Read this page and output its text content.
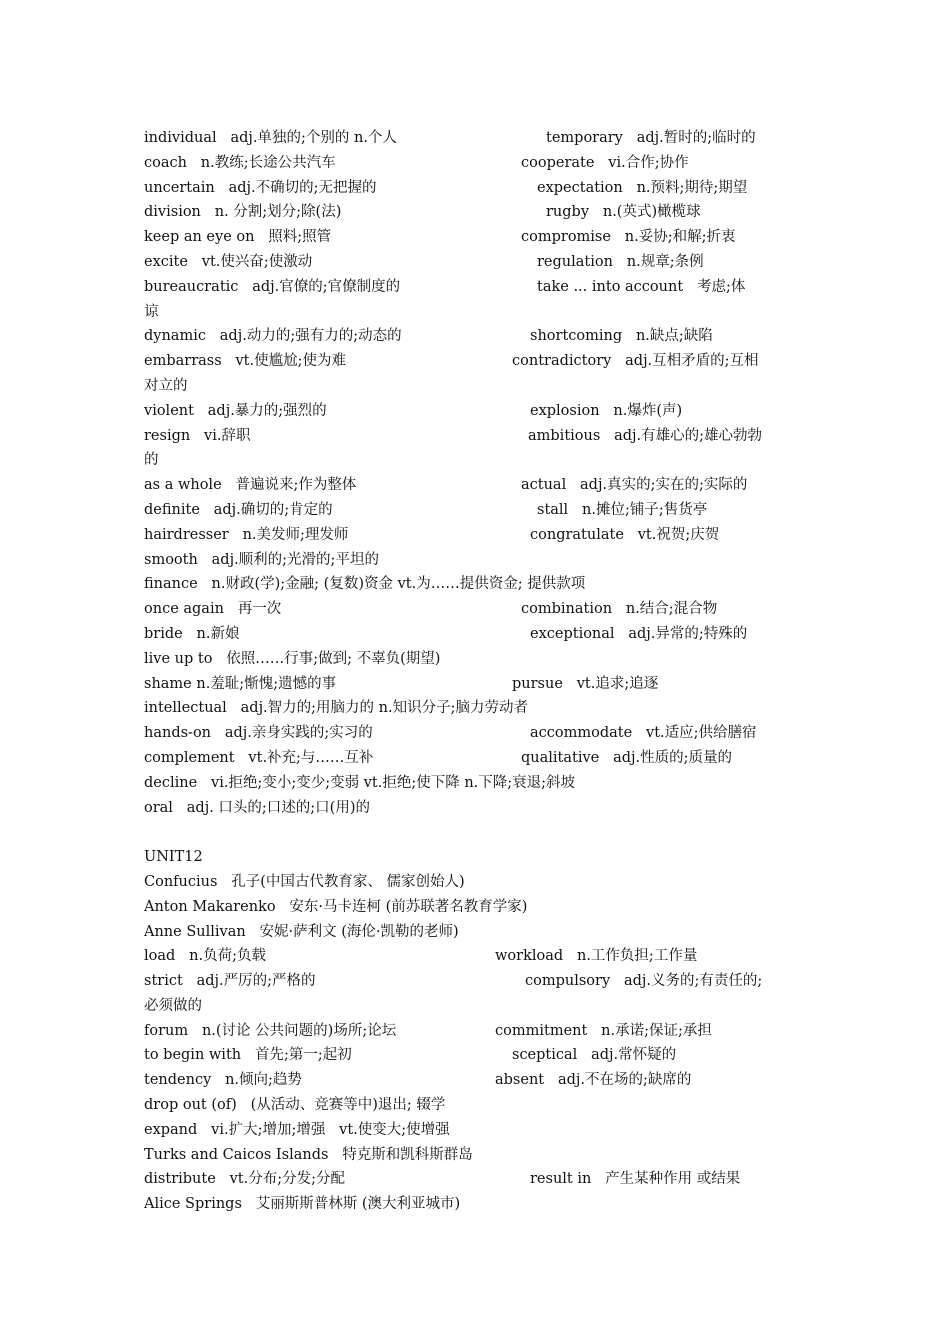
individual   adj.单独的;个别的 n.个人	temporary   adj.暂时的;临时的
coach   n.教练;长途公共汽车	cooperate   vi.合作;协作
uncertain   adj.不确切的;无把握的	expectation   n.预料;期待;期望
division   n. 分割;划分;除(法)	rugby   n.(英式)橄榄球
keep an eye on   照料;照管	compromise   n.妥协;和解;折衷
excite   vt.使兴奋;使激动	regulation   n.规章;条例
bureaucratic   adj.官僚的;官僚制度的	take ... into account   考虑;体
谅
dynamic   adj.动力的;强有力的;动态的	shortcoming   n.缺点;缺陷
embarrass   vt.使尴尬;使为难	contradictory   adj.互相矛盾的;互相
对立的
violent   adj.暴力的;强烈的	explosion   n.爆炸(声)
resign   vi.辞职	ambitious   adj.有雄心的;雄心勃勃
的
as a whole   普遍说来;作为整体	actual   adj.真实的;实在的;实际的
definite   adj.确切的;肯定的	stall   n.摊位;铺子;售货亭
hairdresser   n.美发师;理发师	congratulate   vt.祝贺;庆贺
smooth   adj.顺利的;光滑的;平坦的
finance   n.财政(学);金融; (复数)资金 vt.为……提供资金; 提供款项
once again   再一次	combination   n.结合;混合物
bride   n.新娘	exceptional   adj.异常的;特殊的
live up to   依照……行事;做到; 不辜负(期望)
shame n.羞耻;惭愧;遗憾的事	pursue   vt.追求;追逐
intellectual   adj.智力的;用脑力的 n.知识分子;脑力劳动者
hands-on   adj.亲身实践的;实习的	accommodate   vt.适应;供给膳宿
complement   vt.补充;与……互补	qualitative   adj.性质的;质量的
decline   vi.拒绝;变小;变少;变弱 vt.拒绝;使下降 n.下降;衰退;斜坡
oral   adj. 口头的;口述的;口(用)的
UNIT12
Confucius   孔子(中国古代教育家、 儒家创始人)
Anton Makarenko   安东·马卡连柯 (前苏联著名教育学家)
Anne Sullivan   安妮·萨利文 (海伦·凯勒的老师)
load   n.负荷;负载	workload   n.工作负担;工作量
strict   adj.严厉的;严格的	compulsory   adj.义务的;有责任的;
必须做的
forum   n.(讨论 公共问题的)场所;论坛	commitment   n.承诺;保证;承担
to begin with   首先;第一;起初	sceptical   adj.常怀疑的
tendency   n.倾向;趋势	absent   adj.不在场的;缺席的
drop out (of)   (从活动、竞赛等中)退出; 辍学
expand   vi.扩大;增加;增强   vt.使变大;使增强
Turks and Caicos Islands   特克斯和凯科斯群岛
distribute   vt.分布;分发;分配	result in   产生某种作用 或结果
Alice Springs   艾丽斯斯普林斯 (澳大利亚城市)
